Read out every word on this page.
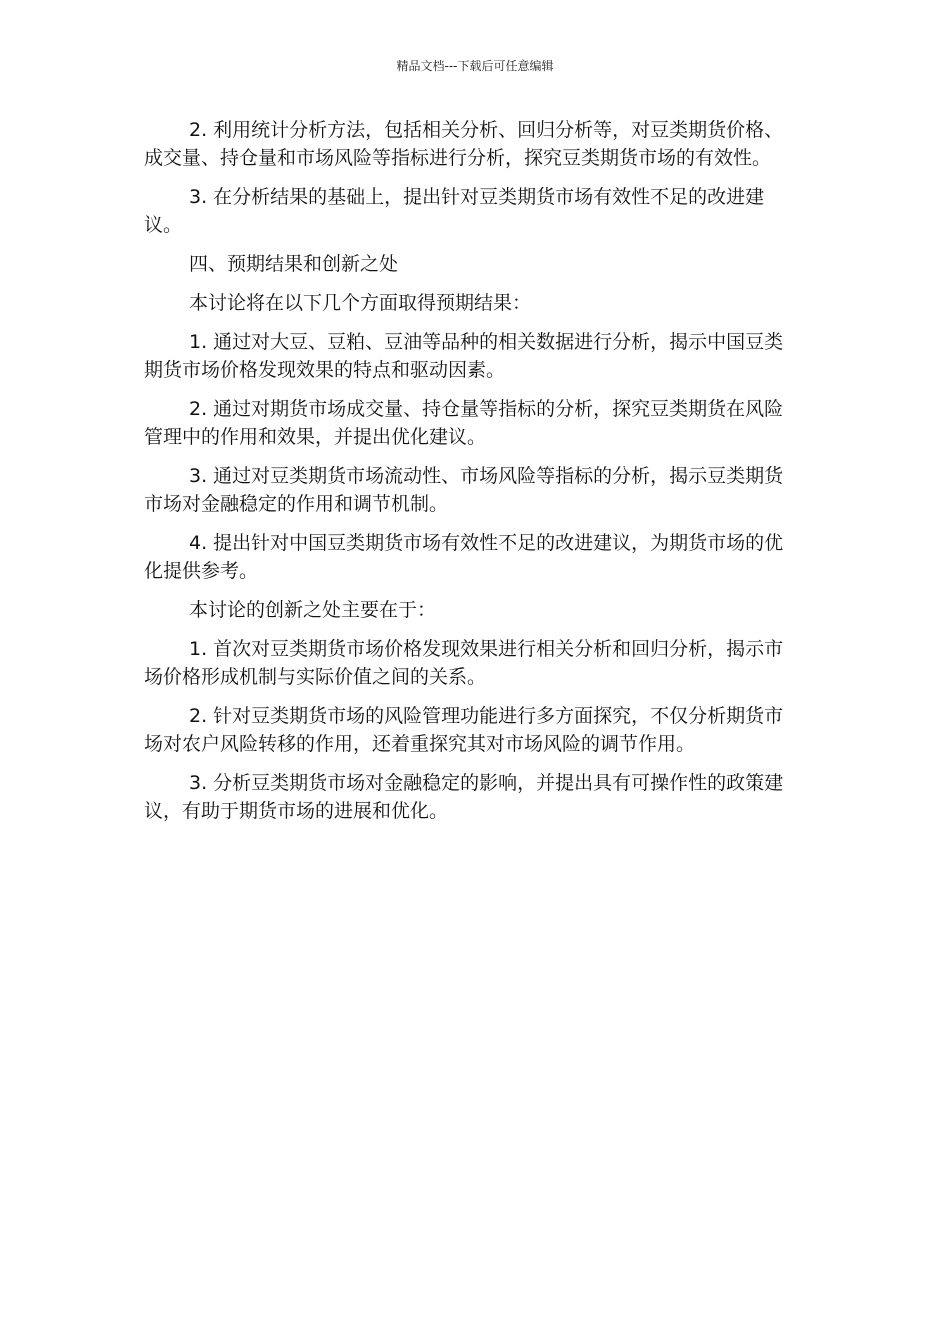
精品文档---下载后可任意编辑

2. 利用统计分析方法，包括相关分析、回归分析等，对豆类期货价格、成交量、持仓量和市场风险等指标进行分析，探究豆类期货市场的有效性。

3. 在分析结果的基础上，提出针对豆类期货市场有效性不足的改进建议。

四、预期结果和创新之处

本讨论将在以下几个方面取得预期结果：

1. 通过对大豆、豆粕、豆油等品种的相关数据进行分析，揭示中国豆类期货市场价格发现效果的特点和驱动因素。

2. 通过对期货市场成交量、持仓量等指标的分析，探究豆类期货在风险管理中的作用和效果，并提出优化建议。

3. 通过对豆类期货市场流动性、市场风险等指标的分析，揭示豆类期货市场对金融稳定的作用和调节机制。

4. 提出针对中国豆类期货市场有效性不足的改进建议，为期货市场的优化提供参考。

本讨论的创新之处主要在于：

1. 首次对豆类期货市场价格发现效果进行相关分析和回归分析，揭示市场价格形成机制与实际价值之间的关系。

2. 针对豆类期货市场的风险管理功能进行多方面探究，不仅分析期货市场对农户风险转移的作用，还着重探究其对市场风险的调节作用。

3. 分析豆类期货市场对金融稳定的影响，并提出具有可操作性的政策建议，有助于期货市场的进展和优化。
